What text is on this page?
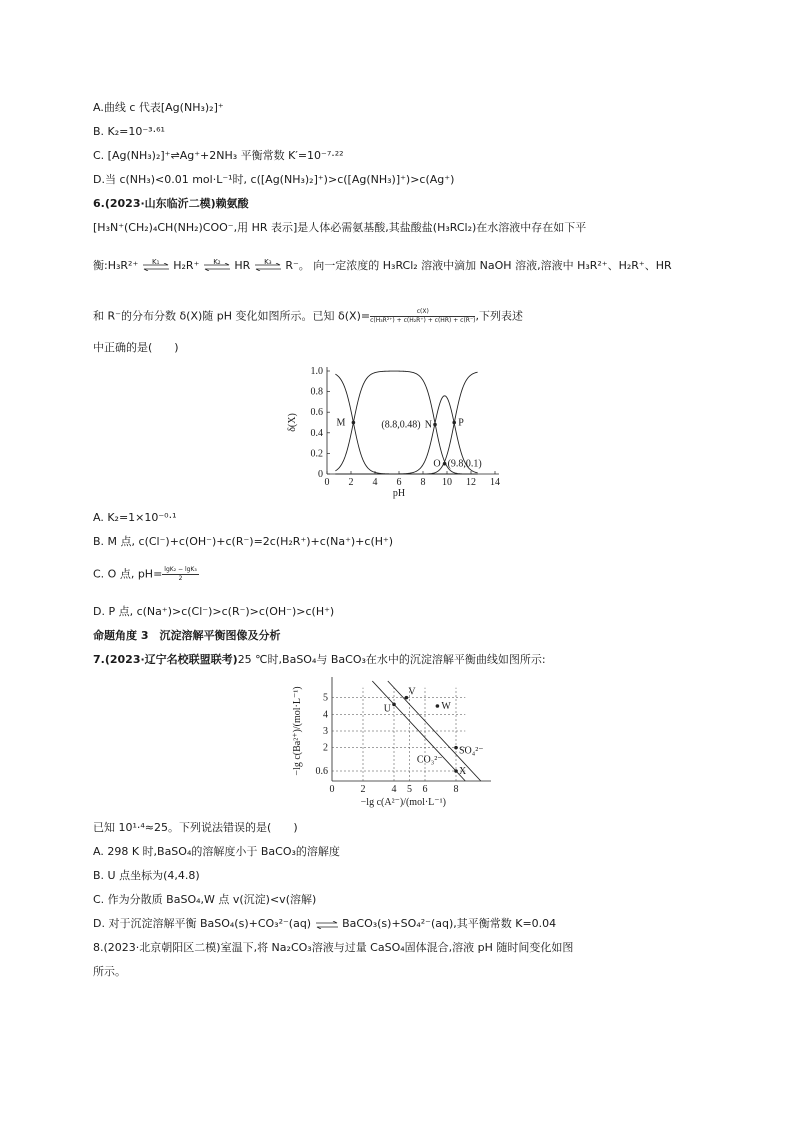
A.曲线 c 代表[Ag(NH₃)₂]⁺
B. K₂=10⁻³·⁶¹
C. [Ag(NH₃)₂]⁺⇌Ag⁺+2NH₃ 平衡常数 K′=10⁻⁷·²²
D.当 c(NH₃)<0.01 mol·L⁻¹时, c([Ag(NH₃)₂]⁺)>c([Ag(NH₃)]⁺)>c(Ag⁺)
6.(2023·山东临沂二模)赖氨酸
[H₃N⁺(CH₂)₄CH(NH₂)COO⁻,用 HR 表示]是人体必需氨基酸,其盐酸盐(H₃RCl₂)在水溶液中存在如下平
衡:H₃R²⁺	K₁	H₂R⁺	K₂	HR	K₃	R⁻。 向一定浓度的 H₃RCl₂ 溶液中滴加 NaOH 溶液,溶液中 H₃R²⁺、H₂R⁺、HR
和 R⁻的分布分数 δ(X)随 pH 变化如图所示。已知 $\delta(X)= \frac{c(X)}{\text{c(H₃R²⁺) + c(H₂R⁺) + c(HR) + c(R⁻)}}$ ,下列表述
中正确的是(　　)
0 2 4 6 8 10 12 14
0
0.2
0.4
0.6
0.8
1.0
pH
δ(X)	M	(8.8,0.48) N	P
O (9.8,0.1)
A. K₂=1×10⁻⁰·¹
B. M 点, c(Cl⁻)+c(OH⁻)+c(R⁻)=2c(H₂R⁺)+c(Na⁺)+c(H⁺)
C. O 点, $pH= \frac{\text{lgK₂ − lgK₃}}{2}$
D. P 点, c(Na⁺)>c(Cl⁻)>c(R⁻)>c(OH⁻)>c(H⁺)
命题角度 3　沉淀溶解平衡图像及分析
7.(2023·辽宁名校联盟联考)25 ℃时,BaSO₄与 BaCO₃在水中的沉淀溶解平衡曲线如图所示:
0	2	4 5 6	8
0.6
2
3
4
5
−lg c(A²⁻)/(mol·L⁻¹)
−lg c(Ba²⁺)/(mol·L⁻¹)	U
V
W
X
SO₄²⁻
CO₃²⁻
已知 10¹·⁴≈25。下列说法错误的是(　　)
A. 298 K 时,BaSO₄的溶解度小于 BaCO₃的溶解度
B. U 点坐标为(4,4.8)
C. 作为分散质 BaSO₄,W 点 v(沉淀)<v(溶解)
D. 对于沉淀溶解平衡 BaSO₄(s)+CO₃²⁻(aq) ⇌ BaCO₃(s)+SO₄²⁻(aq),其平衡常数 K=0.04
8.(2023·北京朝阳区二模)室温下,将 Na₂CO₃溶液与过量 CaSO₄固体混合,溶液 pH 随时间变化如图
所示。
